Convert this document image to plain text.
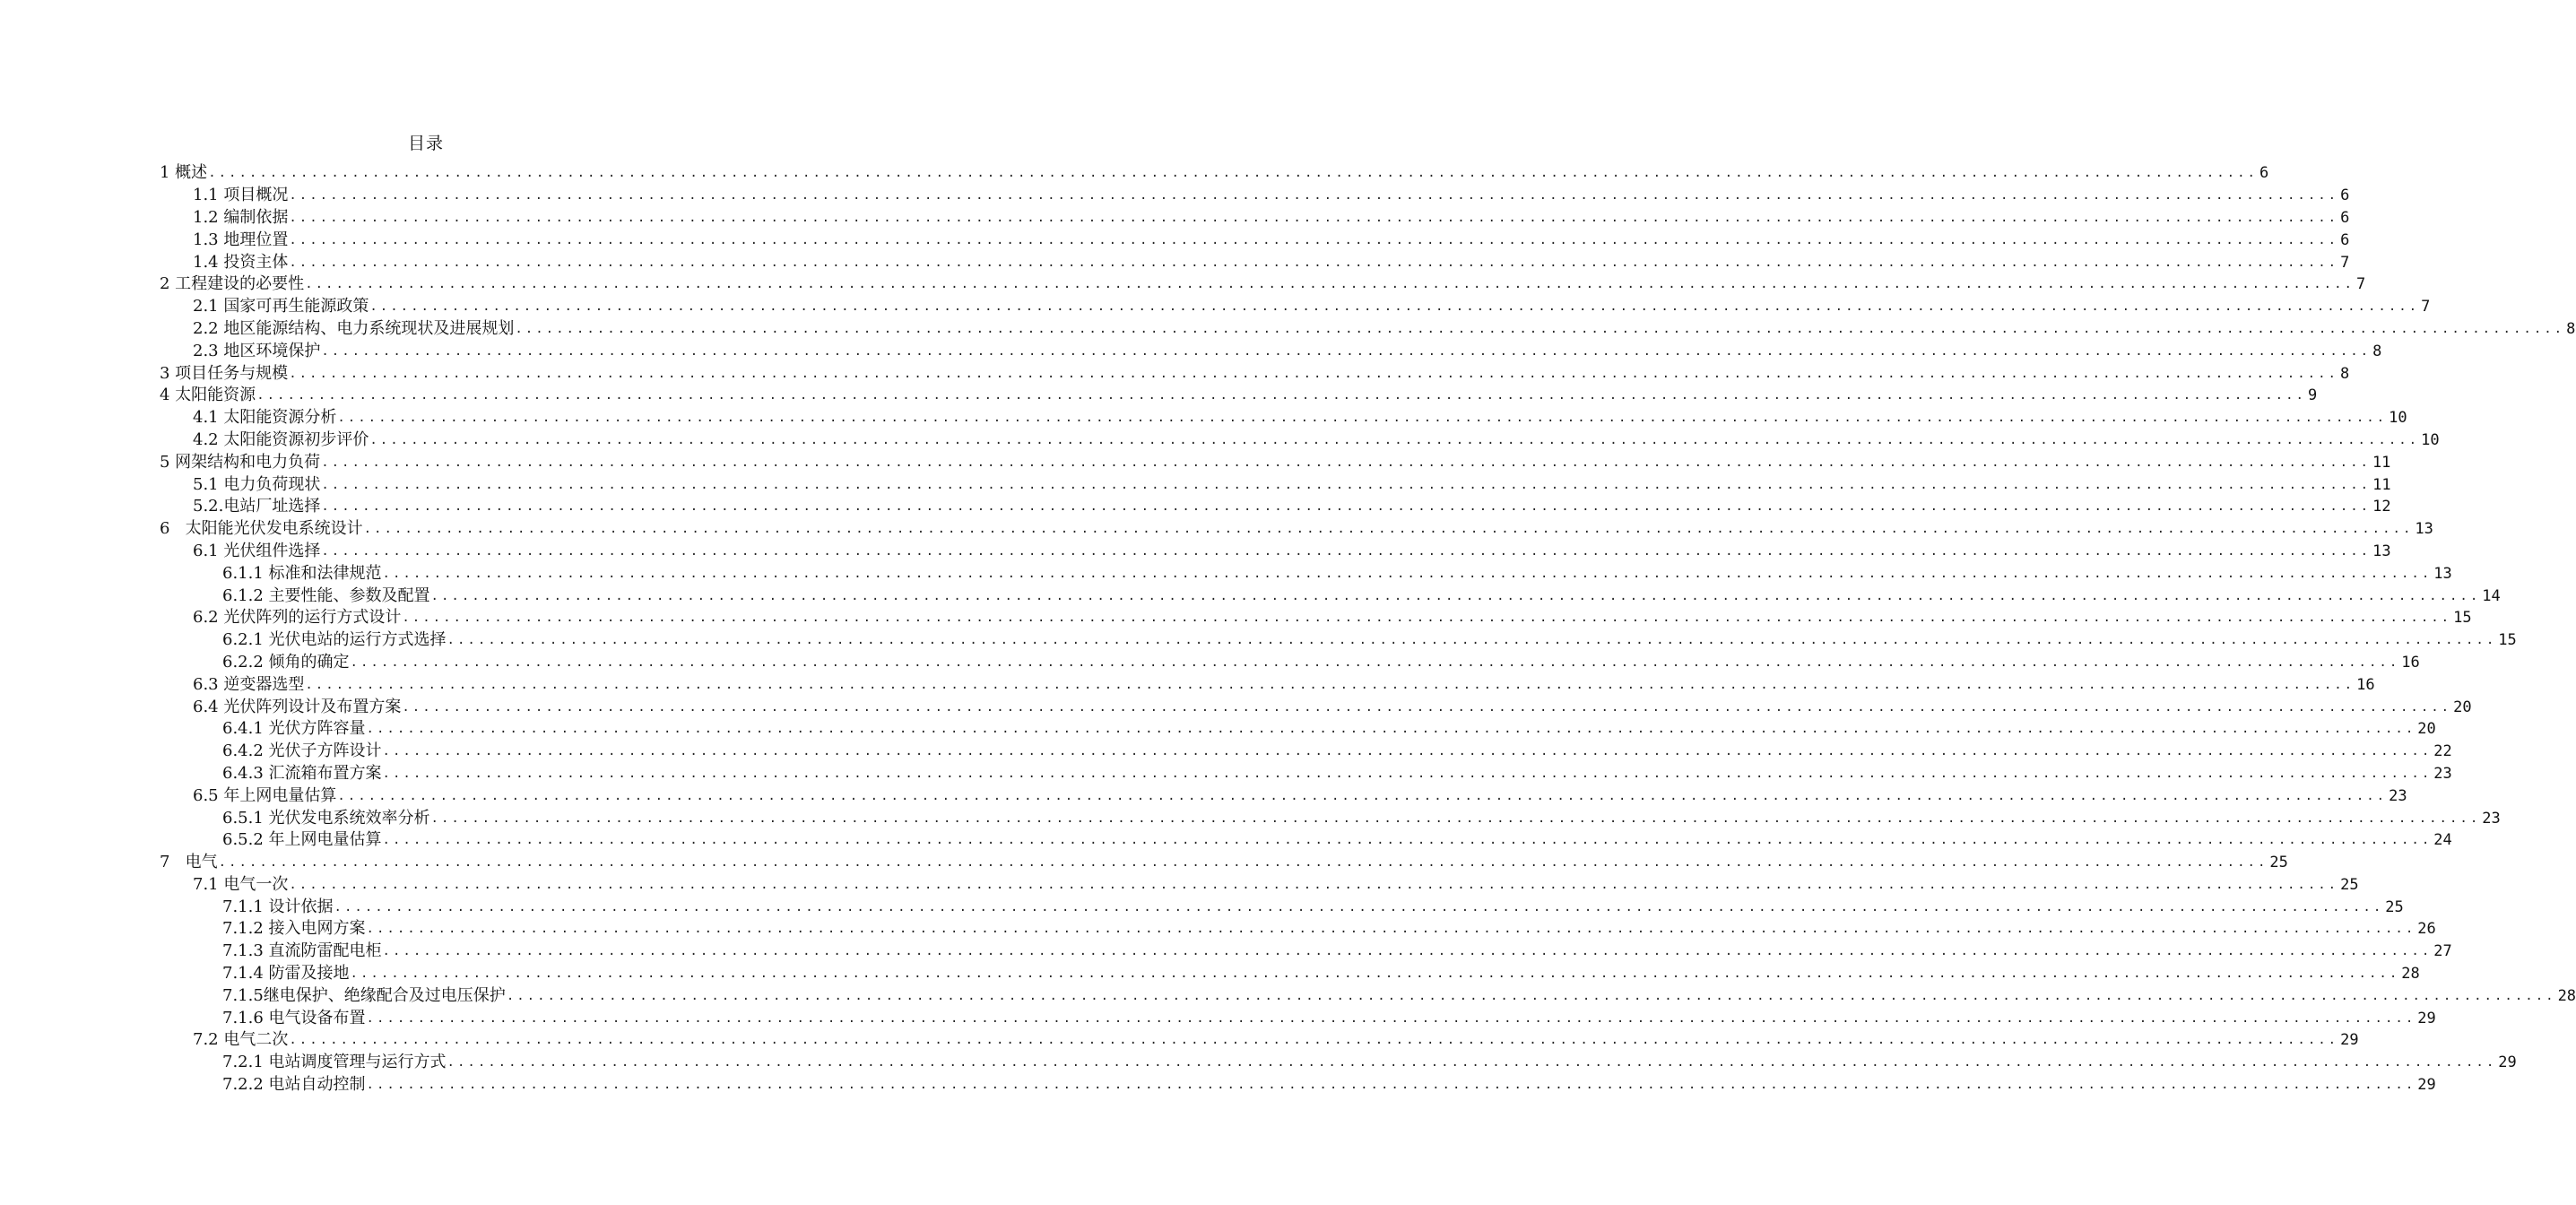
目录
1 概述 ........................................................................................................................................................................................................ 6
1.1 项目概况 ........................................................................................................................................................................................................ 6
1.2 编制依据 ........................................................................................................................................................................................................ 6
1.3 地理位置 ........................................................................................................................................................................................................ 6
1.4 投资主体 ........................................................................................................................................................................................................ 7
2 工程建设的必要性 ........................................................................................................................................................................................................ 7
2.1 国家可再生能源政策 ........................................................................................................................................................................................................ 7
2.2 地区能源结构、电力系统现状及进展规划 ........................................................................................................................................................................................................ 8
2.3 地区环境保护 ........................................................................................................................................................................................................ 8
3 项目任务与规模 ........................................................................................................................................................................................................ 8
4 太阳能资源 ........................................................................................................................................................................................................ 9
4.1 太阳能资源分析 ........................................................................................................................................................................................................ 10
4.2 太阳能资源初步评价 ........................................................................................................................................................................................................ 10
5 网架结构和电力负荷 ........................................................................................................................................................................................................ 11
5.1 电力负荷现状 ........................................................................................................................................................................................................ 11
5.2.电站厂址选择 ........................................................................................................................................................................................................ 12
6   太阳能光伏发电系统设计 ........................................................................................................................................................................................................ 13
6.1 光伏组件选择 ........................................................................................................................................................................................................ 13
6.1.1 标准和法律规范 ........................................................................................................................................................................................................ 13
6.1.2 主要性能、参数及配置 ........................................................................................................................................................................................................ 14
6.2 光伏阵列的运行方式设计 ........................................................................................................................................................................................................ 15
6.2.1 光伏电站的运行方式选择 ........................................................................................................................................................................................................ 15
6.2.2 倾角的确定 ........................................................................................................................................................................................................ 16
6.3 逆变器选型 ........................................................................................................................................................................................................ 16
6.4 光伏阵列设计及布置方案 ........................................................................................................................................................................................................ 20
6.4.1 光伏方阵容量 ........................................................................................................................................................................................................ 20
6.4.2 光伏子方阵设计 ........................................................................................................................................................................................................ 22
6.4.3 汇流箱布置方案 ........................................................................................................................................................................................................ 23
6.5 年上网电量估算 ........................................................................................................................................................................................................ 23
6.5.1 光伏发电系统效率分析 ........................................................................................................................................................................................................ 23
6.5.2 年上网电量估算 ........................................................................................................................................................................................................ 24
7   电气 ........................................................................................................................................................................................................ 25
7.1 电气一次 ........................................................................................................................................................................................................ 25
7.1.1 设计依据 ........................................................................................................................................................................................................ 25
7.1.2 接入电网方案 ........................................................................................................................................................................................................ 26
7.1.3 直流防雷配电柜 ........................................................................................................................................................................................................ 27
7.1.4 防雷及接地 ........................................................................................................................................................................................................ 28
7.1.5继电保护、绝缘配合及过电压保护 ........................................................................................................................................................................................................ 28
7.1.6 电气设备布置 ........................................................................................................................................................................................................ 29
7.2 电气二次 ........................................................................................................................................................................................................ 29
7.2.1 电站调度管理与运行方式 ........................................................................................................................................................................................................ 29
7.2.2 电站自动控制 ........................................................................................................................................................................................................ 29
